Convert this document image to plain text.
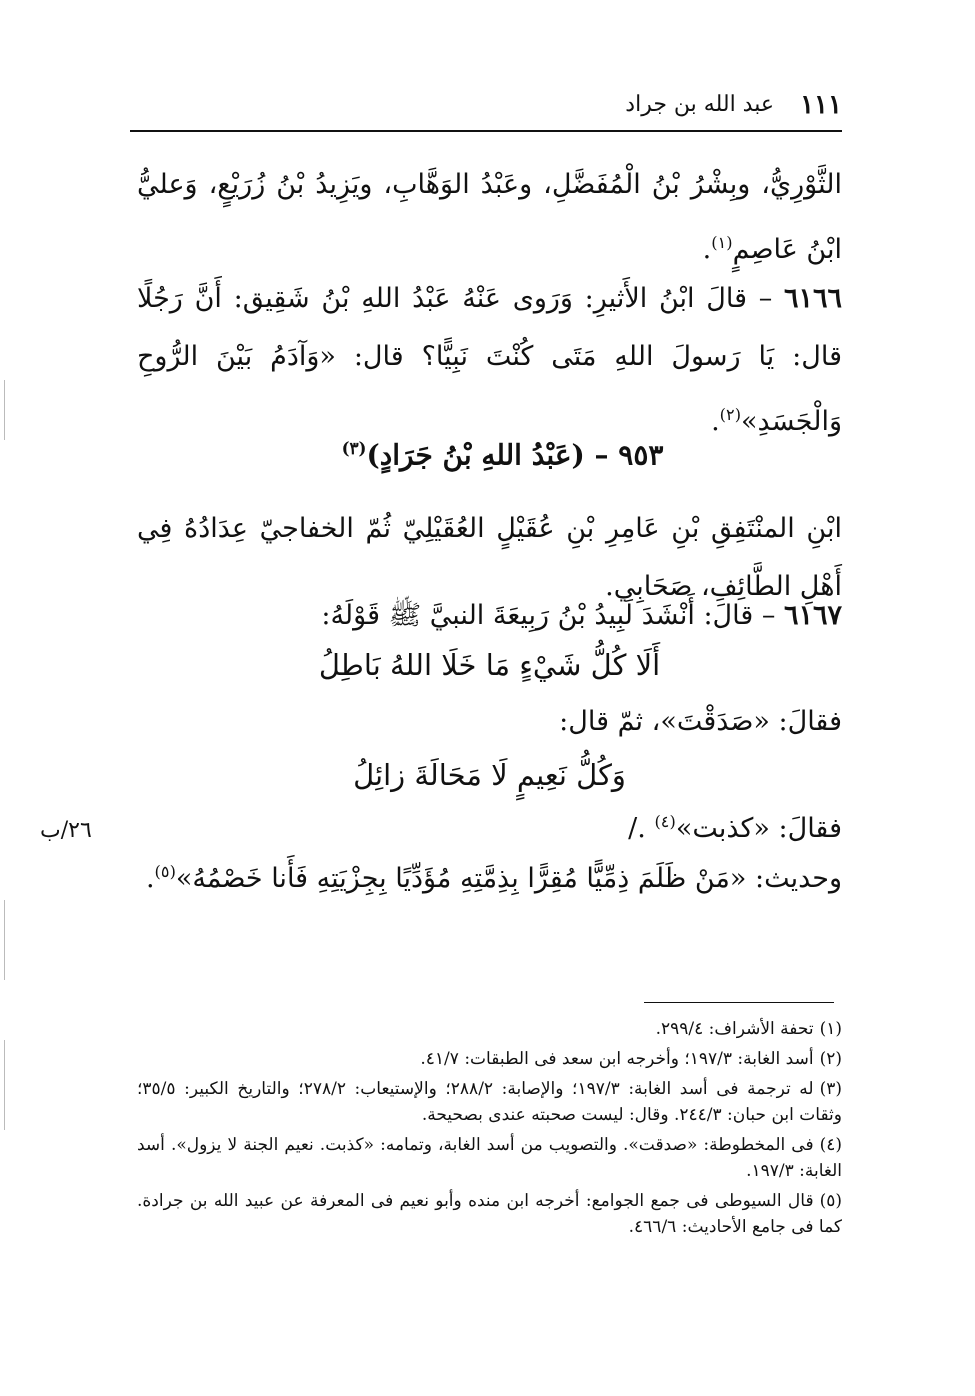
١١١
عبد الله بن جراد
الثَّوْرِيُّ، وبِشْرُ بْنُ الْمُفَضَّلِ، وعَبْدُ الوَهَّابِ، ويَزِيدُ بْنُ زُرَيْعٍ، وَعليُّ ابْنُ عَاصِمٍ$^{(١)}$.
٦١٦٦ – قالَ ابْنُ الأَثيرِ: وَرَوى عَنْهُ عَبْدُ اللهِ بْنُ شَقِيق: أَنَّ رَجُلًا قال: يَا رَسولَ اللهِ مَتَى كُنْتَ نَبِيًّا؟ قال: «وَآدَمُ بَيْنَ الرُّوحِ وَالْجَسَدِ»$^{(٢)}$.
٩٥٣ – (عَبْدُ اللهِ بْنُ جَرَادٍ)$^{(٣)}$
ابْنِ المنْتَفِقِ بْنِ عَامِرِ بْنِ عُقَيْلٍ العُقَيْلِيّ ثُمّ الخفاجيّ عِدَادُهُ فِي أَهْلِ الطَّائِفِ، صَحَابِي.
٦١٦٧ – قالَ: أَنْشَدَ لَبِيدُ بْنُ رَبِيعَةَ النبيَّ ﷺ قَوْلَهُ:
أَلَا كُلُّ شَيْءٍ مَا خَلَا اللهُ بَاطِلُ
فقالَ: «صَدَقْتَ»، ثمّ قال:
وَكُلُّ نَعِيمٍ لَا مَحَالَةَ زائِلُ
فقالَ: «كذبت»$^{(٤)}$ ./
٢٦/ب
وحديث: «مَنْ ظَلَمَ ذِمِّيًّا مُقِرًّا بِذِمَّتِهِ مُؤَدِّيًا بِجِزْيَتِهِ فَأَنا خَصْمُهُ»$^{(٥)}$.

(١)تحفة الأشراف: ٢٩٩/٤.

(٢)أسد الغابة: ١٩٧/٣؛ وأخرجه ابن سعد فى الطبقات: ٤١/٧.

(٣)له ترجمة فى أسد الغابة: ١٩٧/٣؛ والإصابة: ٢٨٨/٢؛ والإستيعاب: ٢٧٨/٢؛ والتاريخ الكبير: ٣٥/٥؛ وثقات ابن حبان: ٢٤٤/٣. وقال: ليست صحبته عندى بصحيحة.

(٤)فى المخطوطة: «صدقت». والتصويب من أسد الغابة، وتمامه: «كذبت. نعيم الجنة لا يزول». أسد الغابة: ١٩٧/٣.

(٥)قال السيوطى فى جمع الجوامع: أخرجه ابن منده وأبو نعيم فى المعرفة عن عبيد الله بن جرادة. كما فى جامع الأحاديث: ٤٦٦/٦.
